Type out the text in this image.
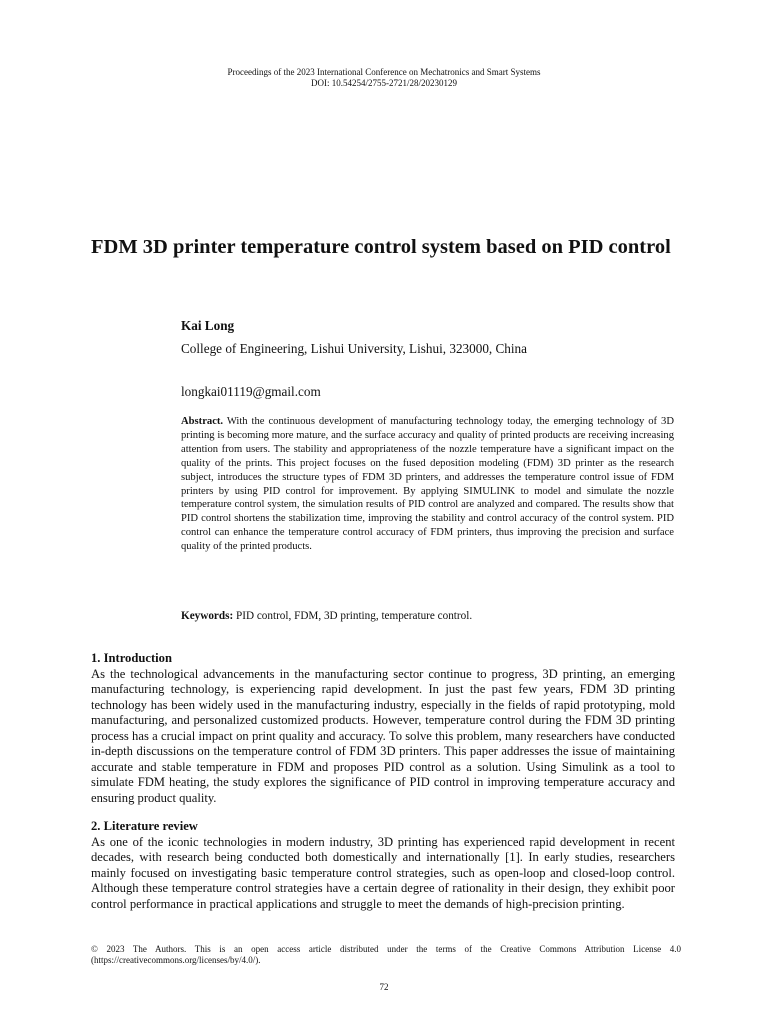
Proceedings of the 2023 International Conference on Mechatronics and Smart Systems
DOI: 10.54254/2755-2721/28/20230129
FDM 3D printer temperature control system based on PID control
Kai Long
College of Engineering, Lishui University, Lishui, 323000, China
longkai01119@gmail.com

Abstract. With the continuous development of manufacturing technology today, the emerging technology of 3D printing is becoming more mature, and the surface accuracy and quality of printed products are receiving increasing attention from users. The stability and appropriateness of the nozzle temperature have a significant impact on the quality of the prints. This project focuses on the fused deposition modeling (FDM) 3D printer as the research subject, introduces the structure types of FDM 3D printers, and addresses the temperature control issue of FDM printers by using PID control for improvement. By applying SIMULINK to model and simulate the nozzle temperature control system, the simulation results of PID control are analyzed and compared. The results show that PID control shortens the stabilization time, improving the stability and control accuracy of the control system. PID control can enhance the temperature control accuracy of FDM printers, thus improving the precision and surface quality of the printed products.

Keywords: PID control, FDM, 3D printing, temperature control.

1. Introduction

As the technological advancements in the manufacturing sector continue to progress, 3D printing, an emerging manufacturing technology, is experiencing rapid development. In just the past few years, FDM 3D printing technology has been widely used in the manufacturing industry, especially in the fields of rapid prototyping, mold manufacturing, and personalized customized products. However, temperature control during the FDM 3D printing process has a crucial impact on print quality and accuracy. To solve this problem, many researchers have conducted in-depth discussions on the temperature control of FDM 3D printers. This paper addresses the issue of maintaining accurate and stable temperature in FDM and proposes PID control as a solution. Using Simulink as a tool to simulate FDM heating, the study explores the significance of PID control in improving temperature accuracy and ensuring product quality.

2. Literature review

As one of the iconic technologies in modern industry, 3D printing has experienced rapid development in recent decades, with research being conducted both domestically and internationally [1]. In early studies, researchers mainly focused on investigating basic temperature control strategies, such as open-loop and closed-loop control. Although these temperature control strategies have a certain degree of rationality in their design, they exhibit poor control performance in practical applications and struggle to meet the demands of high-precision printing.

© 2023 The Authors. This is an open access article distributed under the terms of the Creative Commons Attribution License 4.0 (https://creativecommons.org/licenses/by/4.0/).
72
